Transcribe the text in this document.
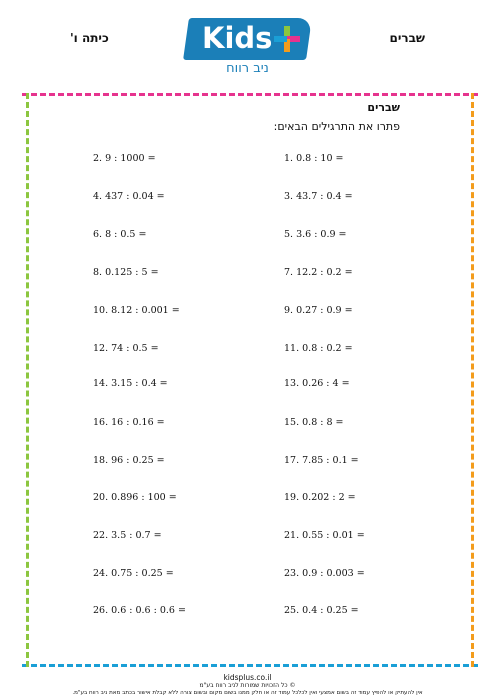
כיתה ו'	שברים
Kids
ניב רווח
שברים
פתרו את התרגילים הבאים:
2. 9 : 1000 =
4. 437 : 0.04 =
6. 8 : 0.5 =
8. 0.125 : 5 =
10. 8.12 : 0.001 =
12. 74 : 0.5 =
14. 3.15 : 0.4 =
16. 16 : 0.16 =
18. 96 : 0.25 =
20. 0.896 : 100 =
22. 3.5 : 0.7 =
24. 0.75 : 0.25 =
26. 0.6 : 0.6 : 0.6 =
1. 0.8 : 10 =
3. 43.7 : 0.4 =
5. 3.6 : 0.9 =
7. 12.2 : 0.2 =
9. 0.27 : 0.9 =
11. 0.8 : 0.2 =
13. 0.26 : 4 =
15. 0.8 : 8 =
17. 7.85 : 0.1 =
19. 0.202 : 2 =
21. 0.55 : 0.01 =
23. 0.9 : 0.003 =
25. 0.4 : 0.25 =
kidsplus.co.il
© כל הזכויות שמורות לניב רווח בע"מ
אין להעתיק או להפיץ עמוד זה בשום אמצעי ואין לכלכל עמוד זה או חלק ממנו בשום מקום ובשום צורה ללא קבלת אישור בכתב מאת ניב רווח בע"מ.
